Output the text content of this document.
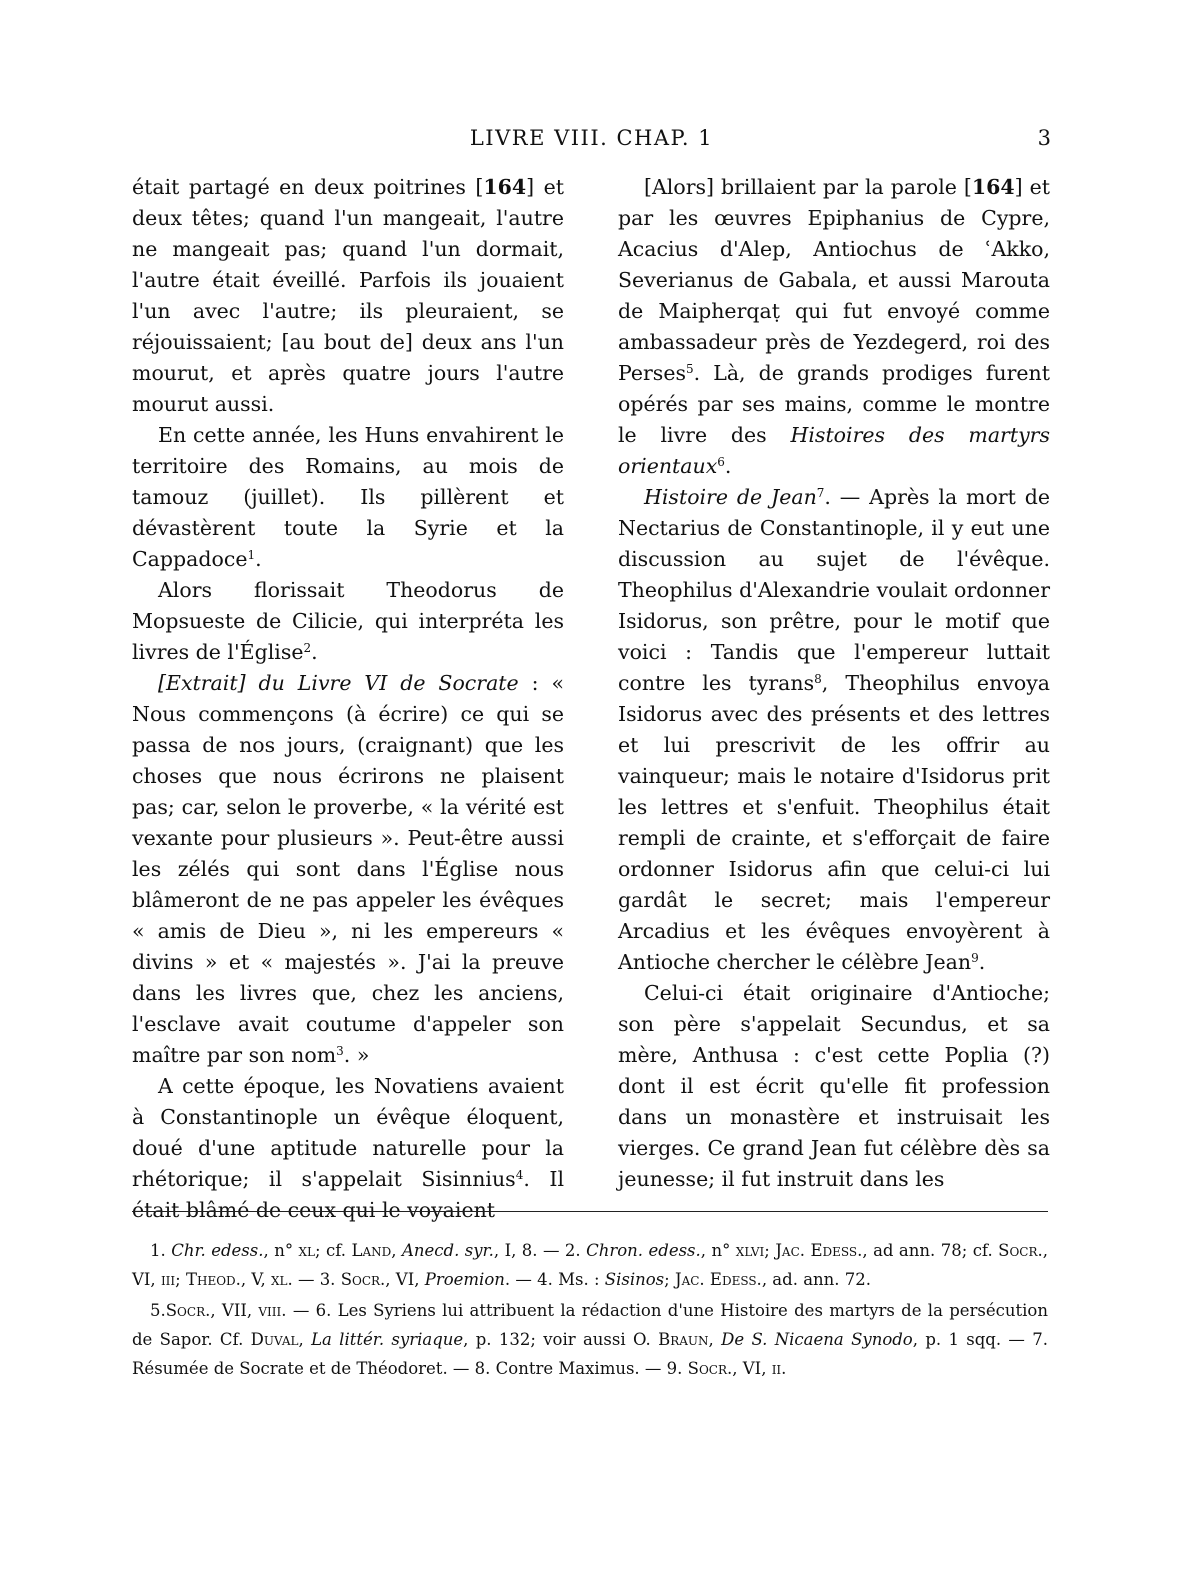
LIVRE VIII. CHAP. 1	3

était partagé en deux poitrines [164] et deux têtes; quand l'un mangeait, l'autre ne mangeait pas; quand l'un dormait, l'autre était éveillé. Parfois ils jouaient l'un avec l'autre; ils pleuraient, se réjouissaient; [au bout de] deux ans l'un mourut, et après quatre jours l'autre mourut aussi.

En cette année, les Huns envahirent le territoire des Romains, au mois de tamouz (juillet). Ils pillèrent et dévastèrent toute la Syrie et la Cappadoce$^1$.

Alors florissait Theodorus de Mopsueste de Cilicie, qui interpréta les livres de l'Église$^2$.

[Extrait] du Livre VI de Socrate : « Nous commençons (à écrire) ce qui se passa de nos jours, (craignant) que les choses que nous écrirons ne plaisent pas; car, selon le proverbe, « la vérité est vexante pour plusieurs ». Peut-être aussi les zélés qui sont dans l'Église nous blâmeront de ne pas appeler les évêques « amis de Dieu », ni les empereurs « divins » et « majestés ». J'ai la preuve dans les livres que, chez les anciens, l'esclave avait coutume d'appeler son maître par son nom$^3$. »

A cette époque, les Novatiens avaient à Constantinople un évêque éloquent, doué d'une aptitude naturelle pour la rhétorique; il s'appelait Sisinnius$^4$. Il était blâmé de ceux qui le voyaient

[Alors] brillaient par la parole [164] et par les œuvres Epiphanius de Cypre, Acacius d'Alep, Antiochus de ʿAkko, Severianus de Gabala, et aussi Marouta de Maipherqaṭ qui fut envoyé comme ambassadeur près de Yezdegerd, roi des Perses$^5$. Là, de grands prodiges furent opérés par ses mains, comme le montre le livre des Histoires des martyrs orientaux$^6$.

Histoire de Jean$^7$. — Après la mort de Nectarius de Constantinople, il y eut une discussion au sujet de l'évêque. Theophilus d'Alexandrie voulait ordonner Isidorus, son prêtre, pour le motif que voici : Tandis que l'empereur luttait contre les tyrans$^8$, Theophilus envoya Isidorus avec des présents et des lettres et lui prescrivit de les offrir au vainqueur; mais le notaire d'Isidorus prit les lettres et s'enfuit. Theophilus était rempli de crainte, et s'efforçait de faire ordonner Isidorus afin que celui-ci lui gardât le secret; mais l'empereur Arcadius et les évêques envoyèrent à Antioche chercher le célèbre Jean$^9$.

Celui-ci était originaire d'Antioche; son père s'appelait Secundus, et sa mère, Anthusa : c'est cette Poplia (?) dont il est écrit qu'elle fit profession dans un monastère et instruisait les vierges. Ce grand Jean fut célèbre dès sa jeunesse; il fut instruit dans les

1. Chr. edess., n° xl; cf. Land, Anecd. syr., I, 8. — 2. Chron. edess., n° xlvi; Jac. Edess., ad ann. 78; cf. Socr., VI, iii; Theod., V, xl. — 3. Socr., VI, Proemion. — 4. Ms. : Sisinos; Jac. Edess., ad. ann. 72.

5.Socr., VII, viii. — 6. Les Syriens lui attribuent la rédaction d'une Histoire des martyrs de la persécution de Sapor. Cf. Duval, La littér. syriaque, p. 132; voir aussi O. Braun, De S. Nicaena Synodo, p. 1 sqq. — 7. Résumée de Socrate et de Théodoret. — 8. Contre Maximus. — 9. Socr., VI, ii.
